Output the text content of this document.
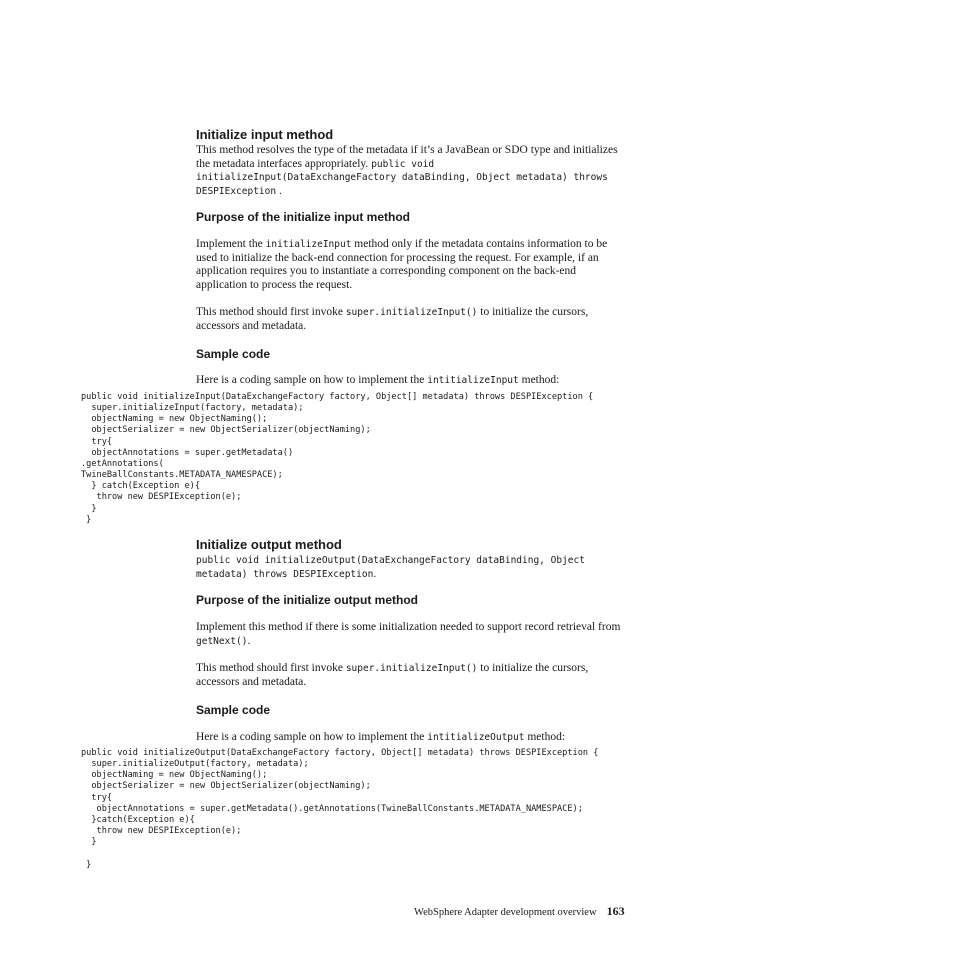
Initialize input method
This method resolves the type of the metadata if it’s a JavaBean or SDO type and initializes the metadata interfaces appropriately. public void
initializeInput(DataExchangeFactory dataBinding, Object metadata) throws
DESPIException .
Purpose of the initialize input method
Implement the initializeInput method only if the metadata contains information to be used to initialize the back-end connection for processing the request. For example, if an application requires you to instantiate a corresponding component on the back-end application to process the request.
This method should first invoke super.initializeInput() to initialize the cursors, accessors and metadata.
Sample code
Here is a coding sample on how to implement the intitializeInput method:
public void initializeInput(DataExchangeFactory factory, Object[] metadata) throws DESPIException {
super.initializeInput(factory, metadata);
objectNaming = new ObjectNaming();
objectSerializer = new ObjectSerializer(objectNaming);
try{
objectAnnotations = super.getMetadata()
.getAnnotations(
TwineBallConstants.METADATA_NAMESPACE);
} catch(Exception e){
throw new DESPIException(e);
}
}
Initialize output method
public void initializeOutput(DataExchangeFactory dataBinding, Object
metadata) throws DESPIException.
Purpose of the initialize output method
Implement this method if there is some initialization needed to support record retrieval from getNext().
This method should first invoke super.initializeInput() to initialize the cursors, accessors and metadata.
Sample code
Here is a coding sample on how to implement the intitializeOutput method:
public void initializeOutput(DataExchangeFactory factory, Object[] metadata) throws DESPIException {
super.initializeOutput(factory, metadata);
objectNaming = new ObjectNaming();
objectSerializer = new ObjectSerializer(objectNaming);
try{
objectAnnotations = super.getMetadata().getAnnotations(TwineBallConstants.METADATA_NAMESPACE);
}catch(Exception e){
throw new DESPIException(e);
}

}
WebSphere Adapter development overview 163
